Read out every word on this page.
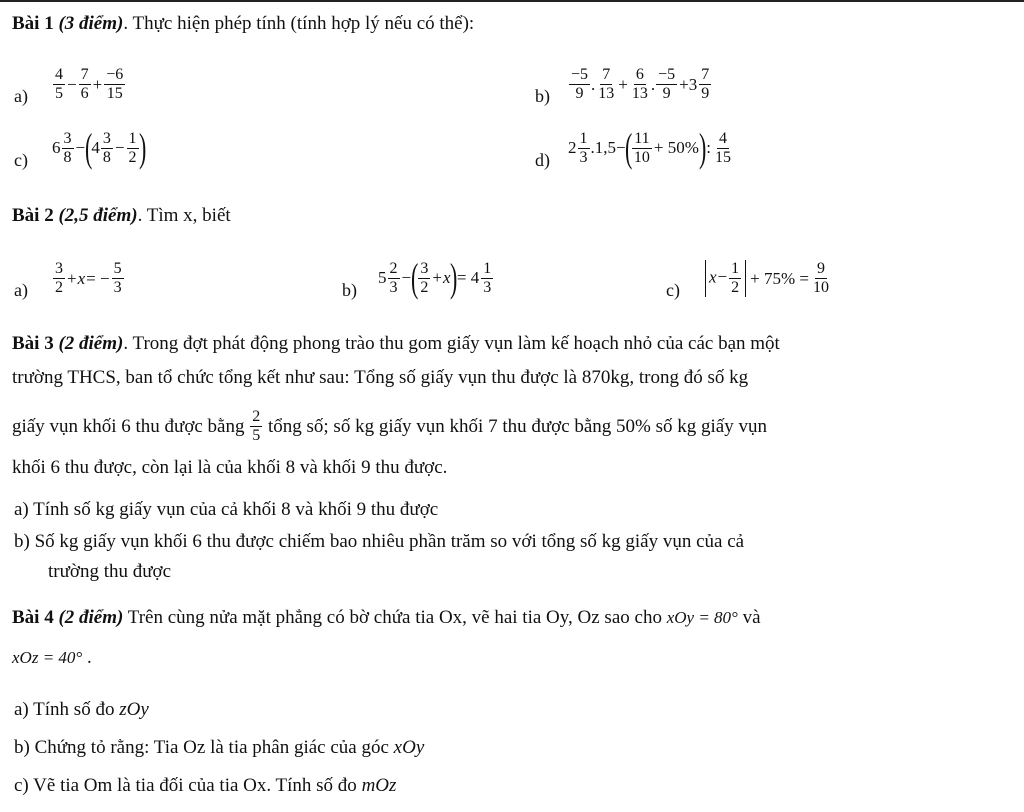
Bài 1 (3 điểm). Thực hiện phép tính (tính hợp lý nếu có thể):
$a) \frac{4}{5} - \frac{7}{6} + \frac{-6}{15}$	$b) \frac{-5}{9}$ . $\frac{7}{13} + \frac{6}{13}$ . $\frac{-5}{9} +3 \frac{7}{9}$
c)
$6 \frac{3}{8}$ − (
$4 \frac{3}{8} - \frac{1}{2}$ )	d)
$2 \frac{1}{3} .1,5-$
( $\frac{11}{10} + 50\%$ ) : $\frac{4}{15}$
Bài 2 (2,5 điểm). Tìm x, biết
$a) \frac{3}{2} + x$ = − $\frac{5}{3}$	b)
$5 \frac{2}{3}$ − ( $\frac{3}{2} + x$
) = $4 \frac{1}{3}$	c)
$x- \frac{1}{2} + 75\% = \frac{9}{10}$
Bài 3 (2 điểm). Trong đợt phát động phong trào thu gom giấy vụn làm kế hoạch nhỏ của các bạn một
trường THCS, ban tổ chức tổng kết như sau: Tổng số giấy vụn thu được là 870kg, trong đó số kg
giấy vụn khối 6 thu được bằng
$\frac{2}{5}$
tổng số; số kg giấy vụn khối 7 thu được bằng 50% số kg giấy vụn
khối 6 thu được, còn lại là của khối 8 và khối 9 thu được.
a) Tính số kg giấy vụn của cả khối 8 và khối 9 thu được
b) Số kg giấy vụn khối 6 thu được chiếm bao nhiêu phần trăm so với tổng số kg giấy vụn của cả
trường thu được
Bài 4 (2 điểm) Trên cùng nửa mặt phẳng có bờ chứa tia Ox, vẽ hai tia Oy, Oz sao cho xOy = 80° và
xOz = 40° .
a) Tính số đo zOy
b) Chứng tỏ rằng: Tia Oz là tia phân giác của góc xOy
c) Vẽ tia Om là tia đối của tia Ox. Tính số đo mOz
